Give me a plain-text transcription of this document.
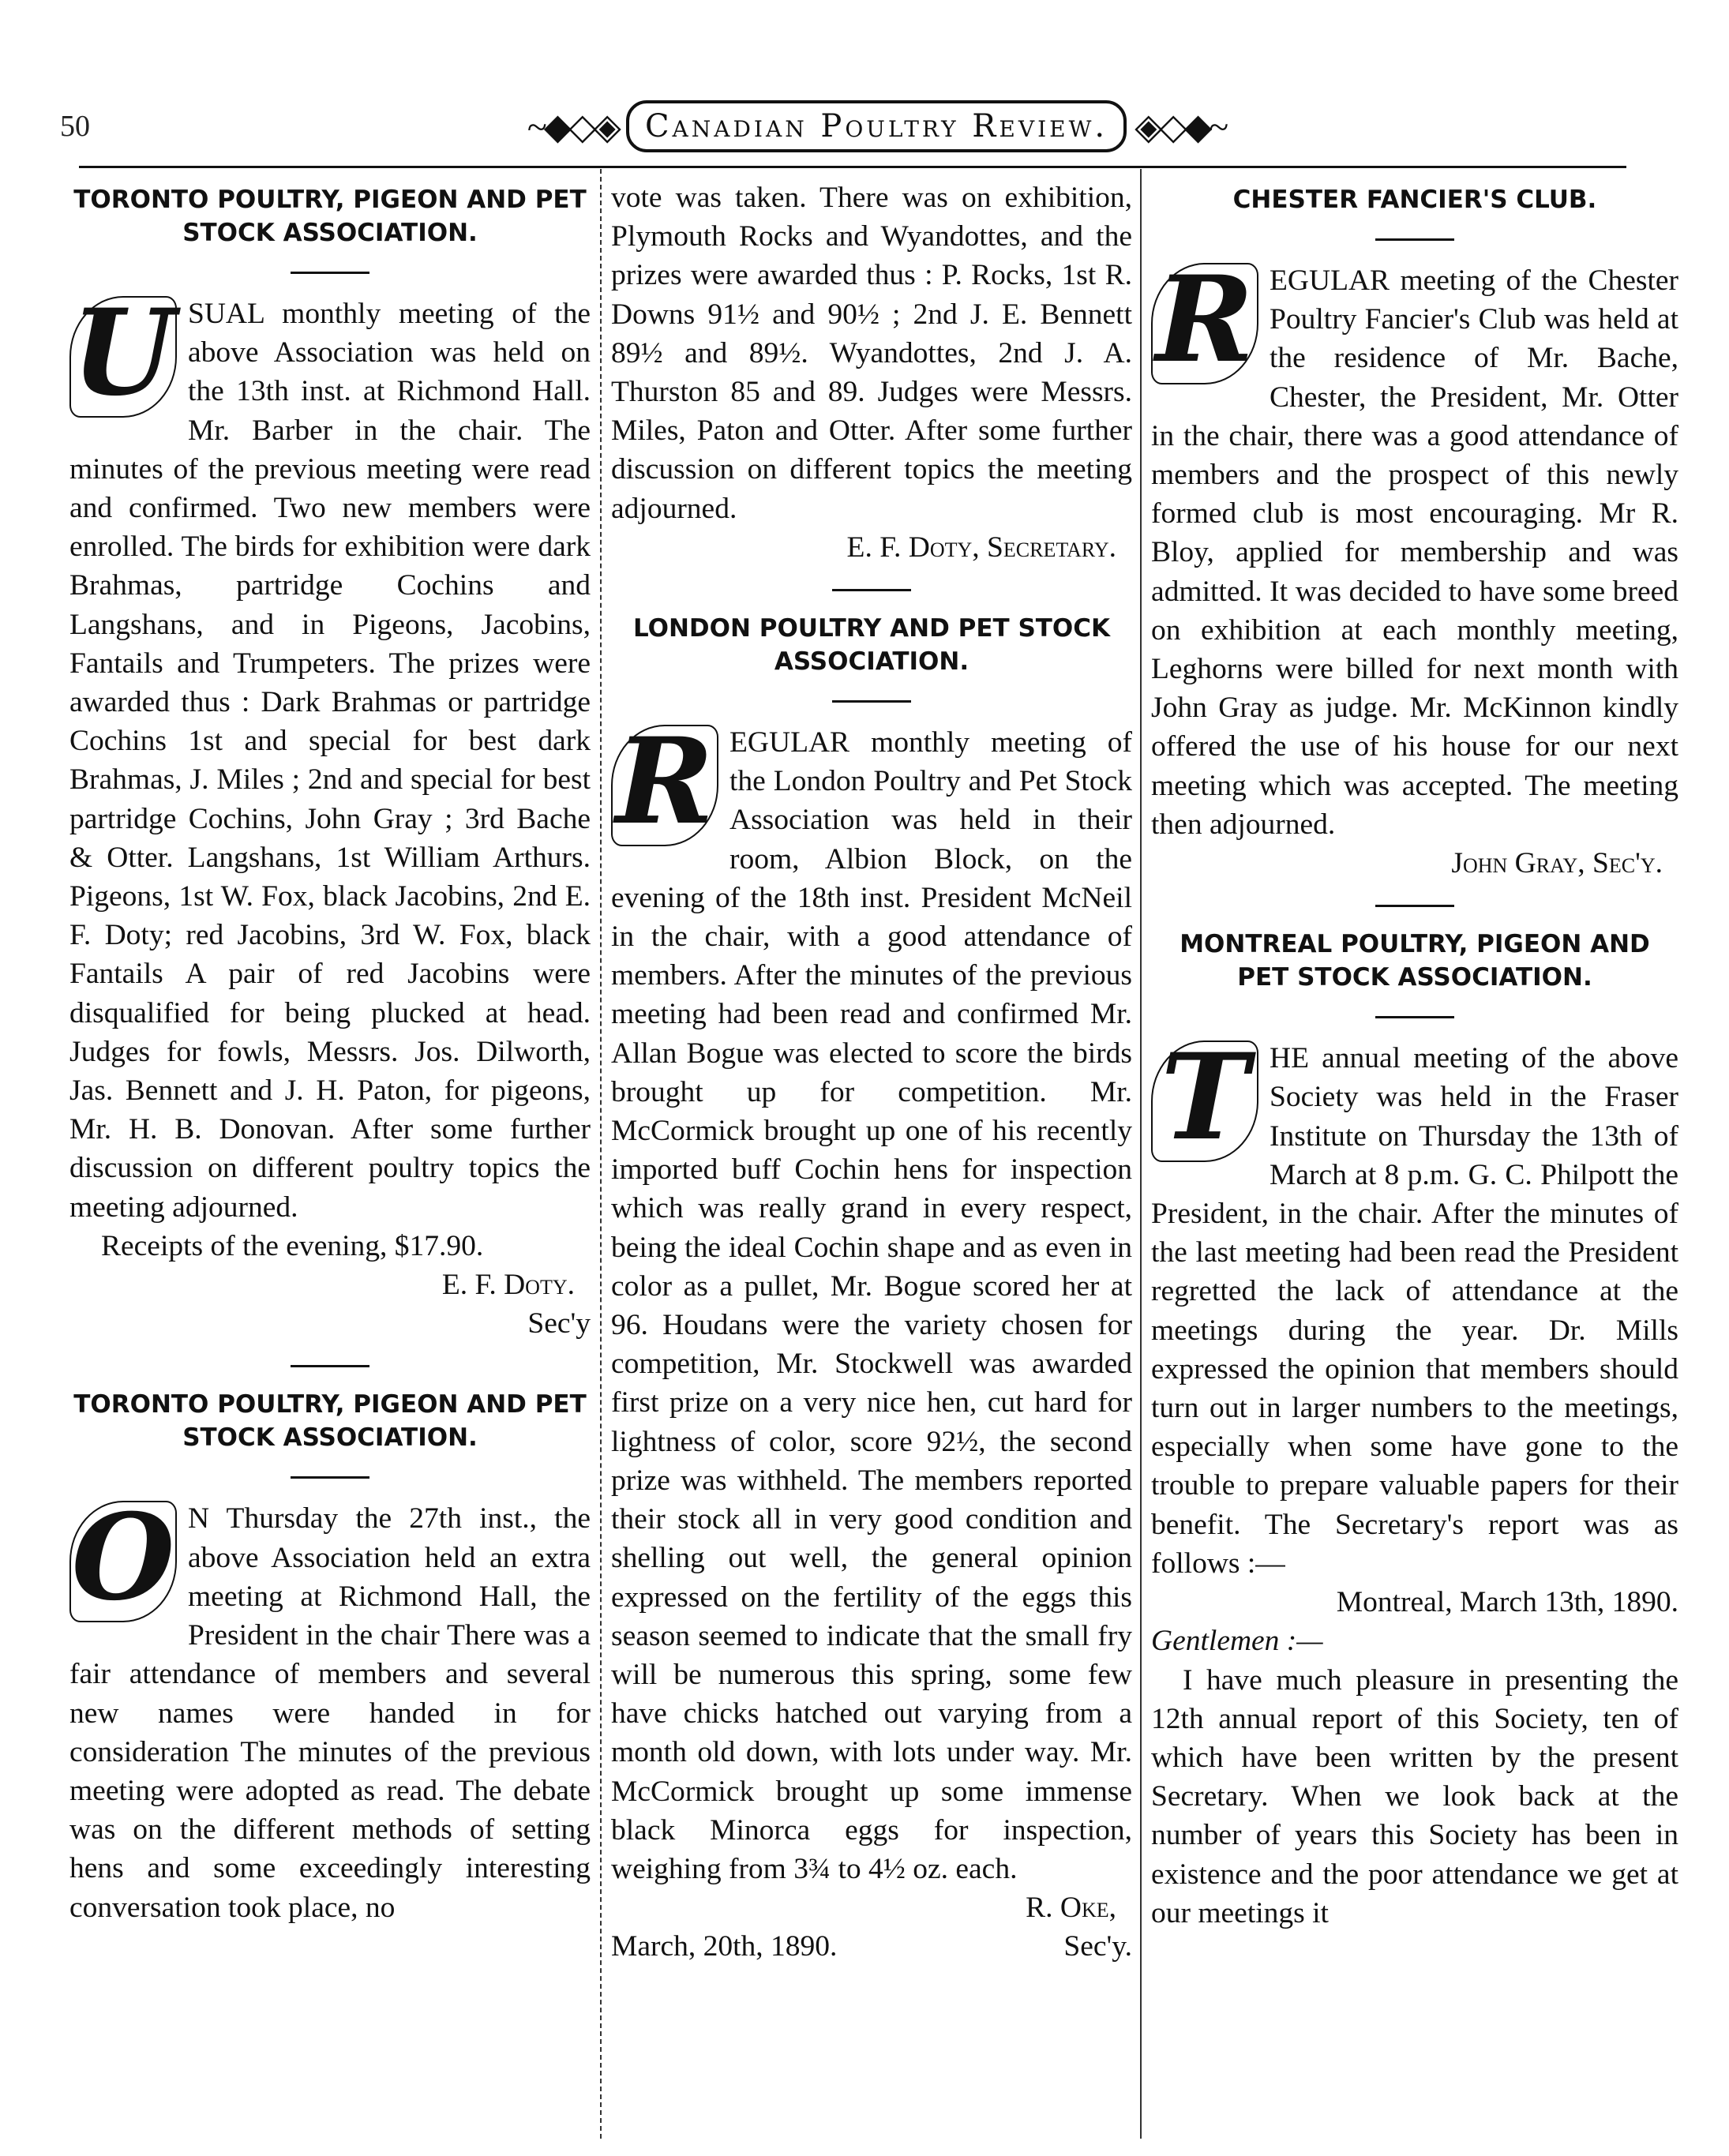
50	~◆◇◈ Canadian Poultry Review. ◈◇◆~
TORONTO POULTRY, PIGEON AND PET STOCK ASSOCIATION.

U SUAL monthly meeting of the above Association was held on the 13th inst. at Richmond Hall. Mr. Barber in the chair. The minutes of the previous meeting were read and confirmed. Two new members were enrolled. The birds for exhibition were dark Brahmas, partridge Cochins and Langshans, and in Pigeons, Jacobins, Fantails and Trumpeters. The prizes were awarded thus : Dark Brahmas or partridge Cochins 1st and special for best dark Brahmas, J. Miles ; 2nd and special for best partridge Cochins, John Gray ; 3rd Bache & Otter. Langshans, 1st William Arthurs. Pigeons, 1st W. Fox, black Jacobins, 2nd E. F. Doty; red Jacobins, 3rd W. Fox, black Fantails A pair of red Jacobins were disqualified for being plucked at head. Judges for fowls, Messrs. Jos. Dilworth, Jas. Bennett and J. H. Paton, for pigeons, Mr. H. B. Donovan. After some further discussion on different poultry topics the meeting adjourned.

Receipts of the evening, $17.90.

E. F. Doty.

Sec'y

TORONTO POULTRY, PIGEON AND PET STOCK ASSOCIATION.

O N Thursday the 27th inst., the above Association held an extra meeting at Richmond Hall, the President in the chair There was a fair attendance of members and several new names were handed in for consideration The minutes of the previous meeting were adopted as read. The debate was on the different methods of setting hens and some exceedingly interesting conversation took place, no

vote was taken. There was on exhibition, Plymouth Rocks and Wyandottes, and the prizes were awarded thus : P. Rocks, 1st R. Downs 91½ and 90½ ; 2nd J. E. Bennett 89½ and 89½. Wyandottes, 2nd J. A. Thurston 85 and 89. Judges were Messrs. Miles, Paton and Otter. After some further discussion on different topics the meeting adjourned.

E. F. Doty, Secretary.

LONDON POULTRY AND PET STOCK ASSOCIATION.

R EGULAR monthly meeting of the London Poultry and Pet Stock Association was held in their room, Albion Block, on the evening of the 18th inst. President McNeil in the chair, with a good attendance of members. After the minutes of the previous meeting had been read and confirmed Mr. Allan Bogue was elected to score the birds brought up for competition. Mr. McCormick brought up one of his recently imported buff Cochin hens for inspection which was really grand in every respect, being the ideal Cochin shape and as even in color as a pullet, Mr. Bogue scored her at 96. Houdans were the variety chosen for competition, Mr. Stockwell was awarded first prize on a very nice hen, cut hard for lightness of color, score 92½, the second prize was withheld. The members reported their stock all in very good condition and shelling out well, the general opinion expressed on the fertility of the eggs this season seemed to indicate that the small fry will be numerous this spring, some few have chicks hatched out varying from a month old down, with lots under way. Mr. McCormick brought up some immense black Minorca eggs for inspection, weighing from 3¾ to 4½ oz. each.

R. Oke,

March, 20th, 1890.	Sec'y.
CHESTER FANCIER'S CLUB.

R EGULAR meeting of the Chester Poultry Fancier's Club was held at the residence of Mr. Bache, Chester, the President, Mr. Otter in the chair, there was a good attendance of members and the prospect of this newly formed club is most encouraging. Mr R. Bloy, applied for membership and was admitted. It was decided to have some breed on exhibition at each monthly meeting, Leghorns were billed for next month with John Gray as judge. Mr. McKinnon kindly offered the use of his house for our next meeting which was accepted. The meeting then adjourned.

John Gray, Sec'y.

MONTREAL POULTRY, PIGEON AND PET STOCK ASSOCIATION.

T HE annual meeting of the above Society was held in the Fraser Institute on Thursday the 13th of March at 8 p.m. G. C. Philpott the President, in the chair. After the minutes of the last meeting had been read the President regretted the lack of attendance at the meetings during the year. Dr. Mills expressed the opinion that members should turn out in larger numbers to the meetings, especially when some have gone to the trouble to prepare valuable papers for their benefit. The Secretary's report was as follows :—

Montreal, March 13th, 1890.

Gentlemen :—

I have much pleasure in presenting the 12th annual report of this Society, ten of which have been written by the present Secretary. When we look back at the number of years this Society has been in existence and the poor attendance we get at our meetings it
